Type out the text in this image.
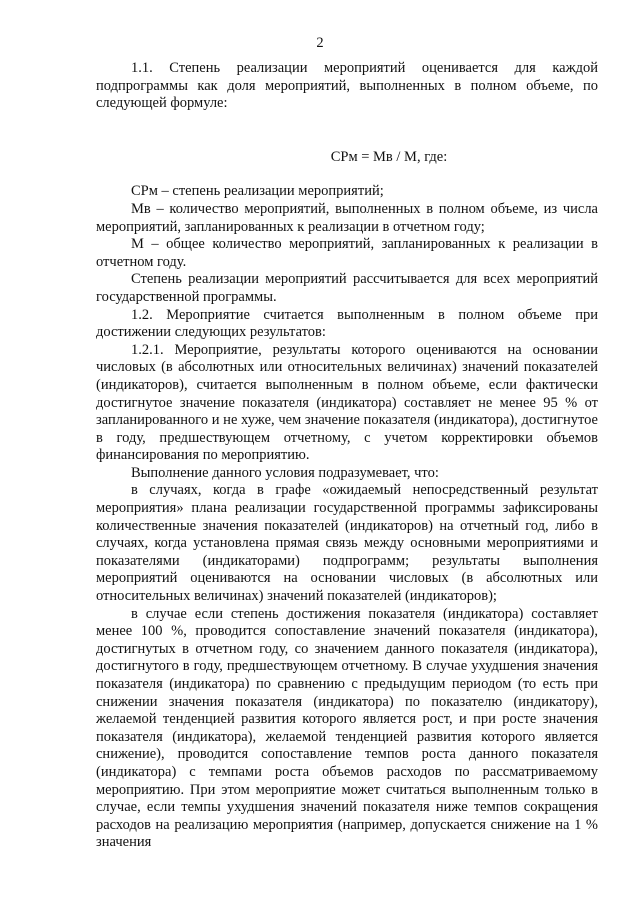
2

1.1. Степень реализации мероприятий оценивается для каждой подпрограммы как доля мероприятий, выполненных в полном объеме, по следующей формуле:

СРм = Мв / М, где:

СРм – степень реализации мероприятий;

Мв – количество мероприятий, выполненных в полном объеме, из числа мероприятий, запланированных к реализации в отчетном году;

М – общее количество мероприятий, запланированных к реализации в отчетном году.

Степень реализации мероприятий рассчитывается для всех мероприятий государственной программы.

1.2. Мероприятие считается выполненным в полном объеме при достижении следующих результатов:

1.2.1. Мероприятие, результаты которого оцениваются на основании числовых (в абсолютных или относительных величинах) значений показателей (индикаторов), считается выполненным в полном объеме, если фактически достигнутое значение показателя (индикатора) составляет не менее 95 % от запланированного и не хуже, чем значение показателя (индикатора), достигнутое в году, предшествующем отчетному, с учетом корректировки объемов финансирования по мероприятию.

Выполнение данного условия подразумевает, что:

в случаях, когда в графе «ожидаемый непосредственный результат мероприятия» плана реализации государственной программы зафиксированы количественные значения показателей (индикаторов) на отчетный год, либо в случаях, когда установлена прямая связь между основными мероприятиями и показателями (индикаторами) подпрограмм; результаты выполнения мероприятий оцениваются на основании числовых (в абсолютных или относительных величинах) значений показателей (индикаторов);

в случае если степень достижения показателя (индикатора) составляет менее 100 %, проводится сопоставление значений показателя (индикатора), достигнутых в отчетном году, со значением данного показателя (индикатора), достигнутого в году, предшествующем отчетному. В случае ухудшения значения показателя (индикатора) по сравнению с предыдущим периодом (то есть при снижении значения показателя (индикатора) по показателю (индикатору), желаемой тенденцией развития которого является рост, и при росте значения показателя (индикатора), желаемой тенденцией развития которого является снижение), проводится сопоставление темпов роста данного показателя (индикатора) с темпами роста объемов расходов по рассматриваемому мероприятию. При этом мероприятие может считаться выполненным только в случае, если темпы ухудшения значений показателя ниже темпов сокращения расходов на реализацию мероприятия (например, допускается снижение на 1 % значения
